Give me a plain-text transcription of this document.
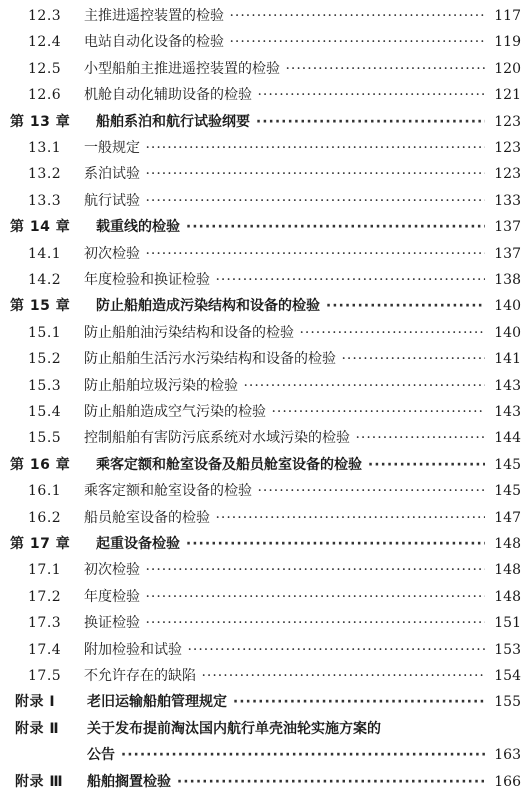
12.3 主推进遥控装置的检验 ·····	117
12.4 电站自动化设备的检验 ·····	119
12.5 小型船舶主推进遥控装置的检验 ·····	120
12.6 机舱自动化辅助设备的检验 ·····	121
第 13 章 船舶系泊和航行试验纲要 ·····	123
13.1 一般规定 ·····	123
13.2 系泊试验 ·····	123
13.3 航行试验 ·····	133
第 14 章 载重线的检验 ·····	137
14.1 初次检验 ·····	137
14.2 年度检验和换证检验 ·····	138
第 15 章 防止船舶造成污染结构和设备的检验 ·····	140
15.1 防止船舶油污染结构和设备的检验 ·····	140
15.2 防止船舶生活污水污染结构和设备的检验 ·····	141
15.3 防止船舶垃圾污染的检验 ·····	143
15.4 防止船舶造成空气污染的检验 ·····	143
15.5 控制船舶有害防污底系统对水域污染的检验 ·····	144
第 16 章 乘客定额和舱室设备及船员舱室设备的检验 ·····	145
16.1 乘客定额和舱室设备的检验 ·····	145
16.2 船员舱室设备的检验 ·····	147
第 17 章 起重设备检验 ·····	148
17.1 初次检验 ·····	148
17.2 年度检验 ·····	148
17.3 换证检验 ·····	151
17.4 附加检验和试验 ·····	153
17.5 不允许存在的缺陷 ·····	154
附录 I 老旧运输船舶管理规定 ·····	155
附录 Ⅱ 关于发布提前淘汰国内航行单壳油轮实施方案的
公告 ·····	163
附录 Ⅲ 船舶搁置检验 ·····	166
